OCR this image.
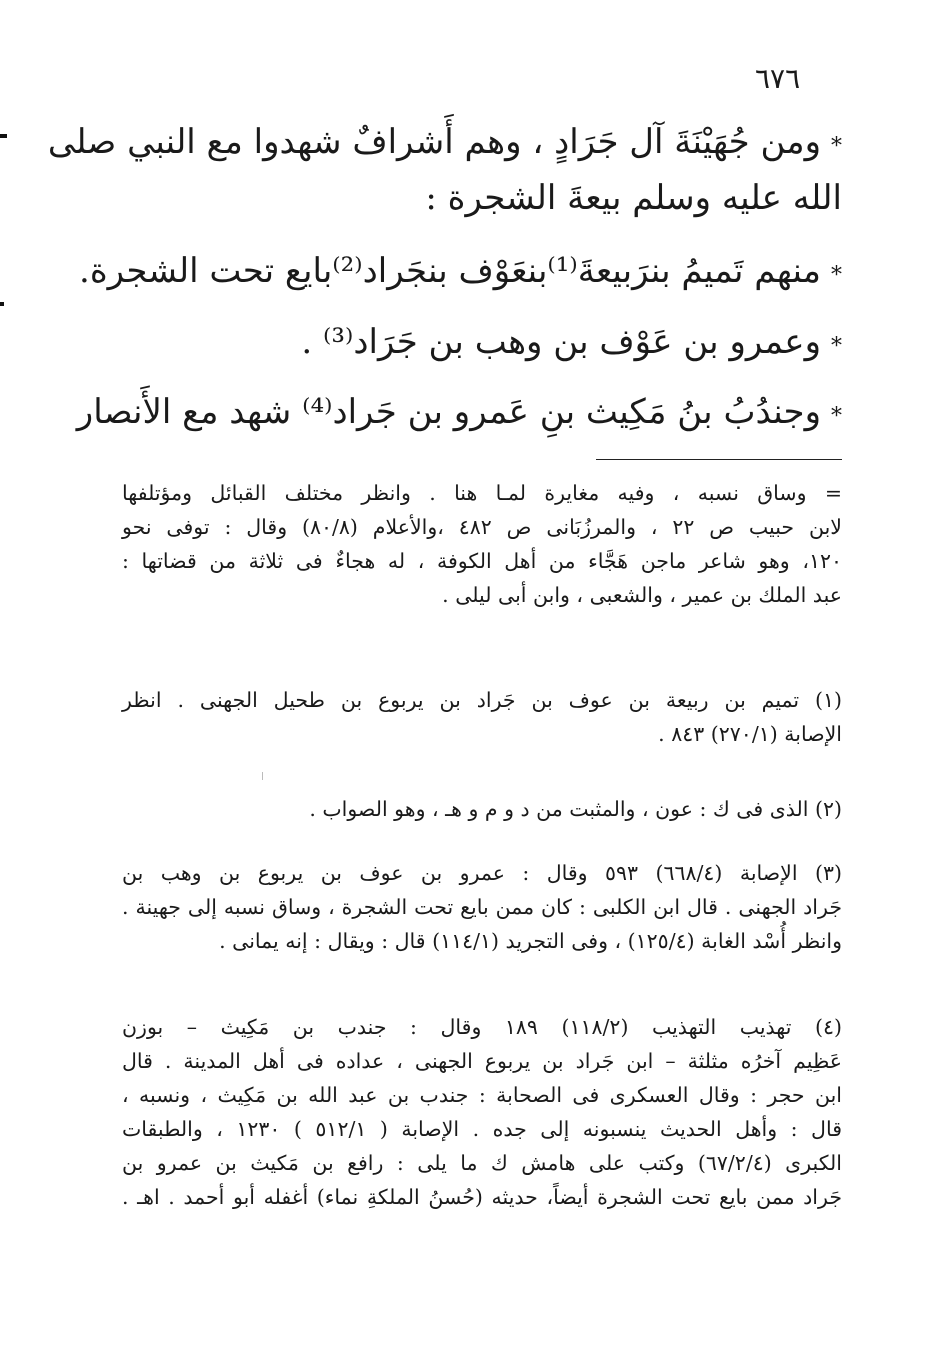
٦٧٦
*ومن جُهَيْنَةَ آل جَرَادٍ ، وهم أَشرافٌ شهدوا مع النبي صلى
الله عليه وسلم بيعةَ الشجرة :
*منهم تَميمُ بنرَبيعةَ⁽¹⁾بنعَوْف بنجَراد⁽²⁾بايع تحت الشجرة.
*وعمرو بن عَوْف بن وهب بن جَرَاد⁽³⁾ .
*وجندُبُ بنُ مَكِيث بنِ عَمرو بن جَراد⁽⁴⁾ شهد مع الأَنصار
= وساق نسبه ، وفيه مغايرة لمـا هنا . وانظر مختلف القبائل ومؤتلفها
لابن حبيب ص ٢٢ ، والمرزُبَانى ص ٤٨٢ ،والأعلام (٨٠/٨) وقال : توفى نحو
١٢٠، وهو شاعر ماجن هَجَّاء من أهل الكوفة ، له هجاءٌ فى ثلاثة من قضاتها :
عبد الملك بن عمير ، والشعبى ، وابن أبى ليلى .
(١) تميم بن ربيعة بن عوف بن جَراد بن يربوع بن طحيل الجهنى . انظر
الإصابة (٢٧٠/١) ٨٤٣ .
(٢) الذى فى ك : عون ، والمثبت من د و م و هـ ، وهو الصواب .
(٣) الإصابة (٦٦٨/٤) ٥٩٣ وقال : عمرو بن عوف بن يربوع بن وهب بن
جَراد الجهنى . قال ابن الكلبى : كان ممن بايع تحت الشجرة ، وساق نسبه إلى جهينة .
وانظر أُسْد الغابة (١٢٥/٤) ، وفى التجريد (١١٤/١) قال : ويقال : إنه يمانى .
(٤) تهذيب التهذيب (١١٨/٢) ١٨٩ وقال : جندب بن مَكِيث – بوزن
عَظِيم آخرُه مثلثة – ابن جَراد بن يربوع الجهنى ، عداده فى أهل المدينة . قال
ابن حجر : وقال العسكرى فى الصحابة : جندب بن عبد الله بن مَكِيث ، ونسبه ،
قال : وأهل الحديث ينسبونه إلى جده . الإصابة ( ٥١٢/١ ) ١٢٣٠ ، والطبقات
الكبرى (٦٧/٢/٤) وكتب على هامش ك ما يلى : رافع بن مَكيث بن عمرو بن
جَراد ممن بايع تحت الشجرة أيضاً، حديثه (حُسنُ الملكةِ نماء) أغفله أبو أحمد . اهـ .
